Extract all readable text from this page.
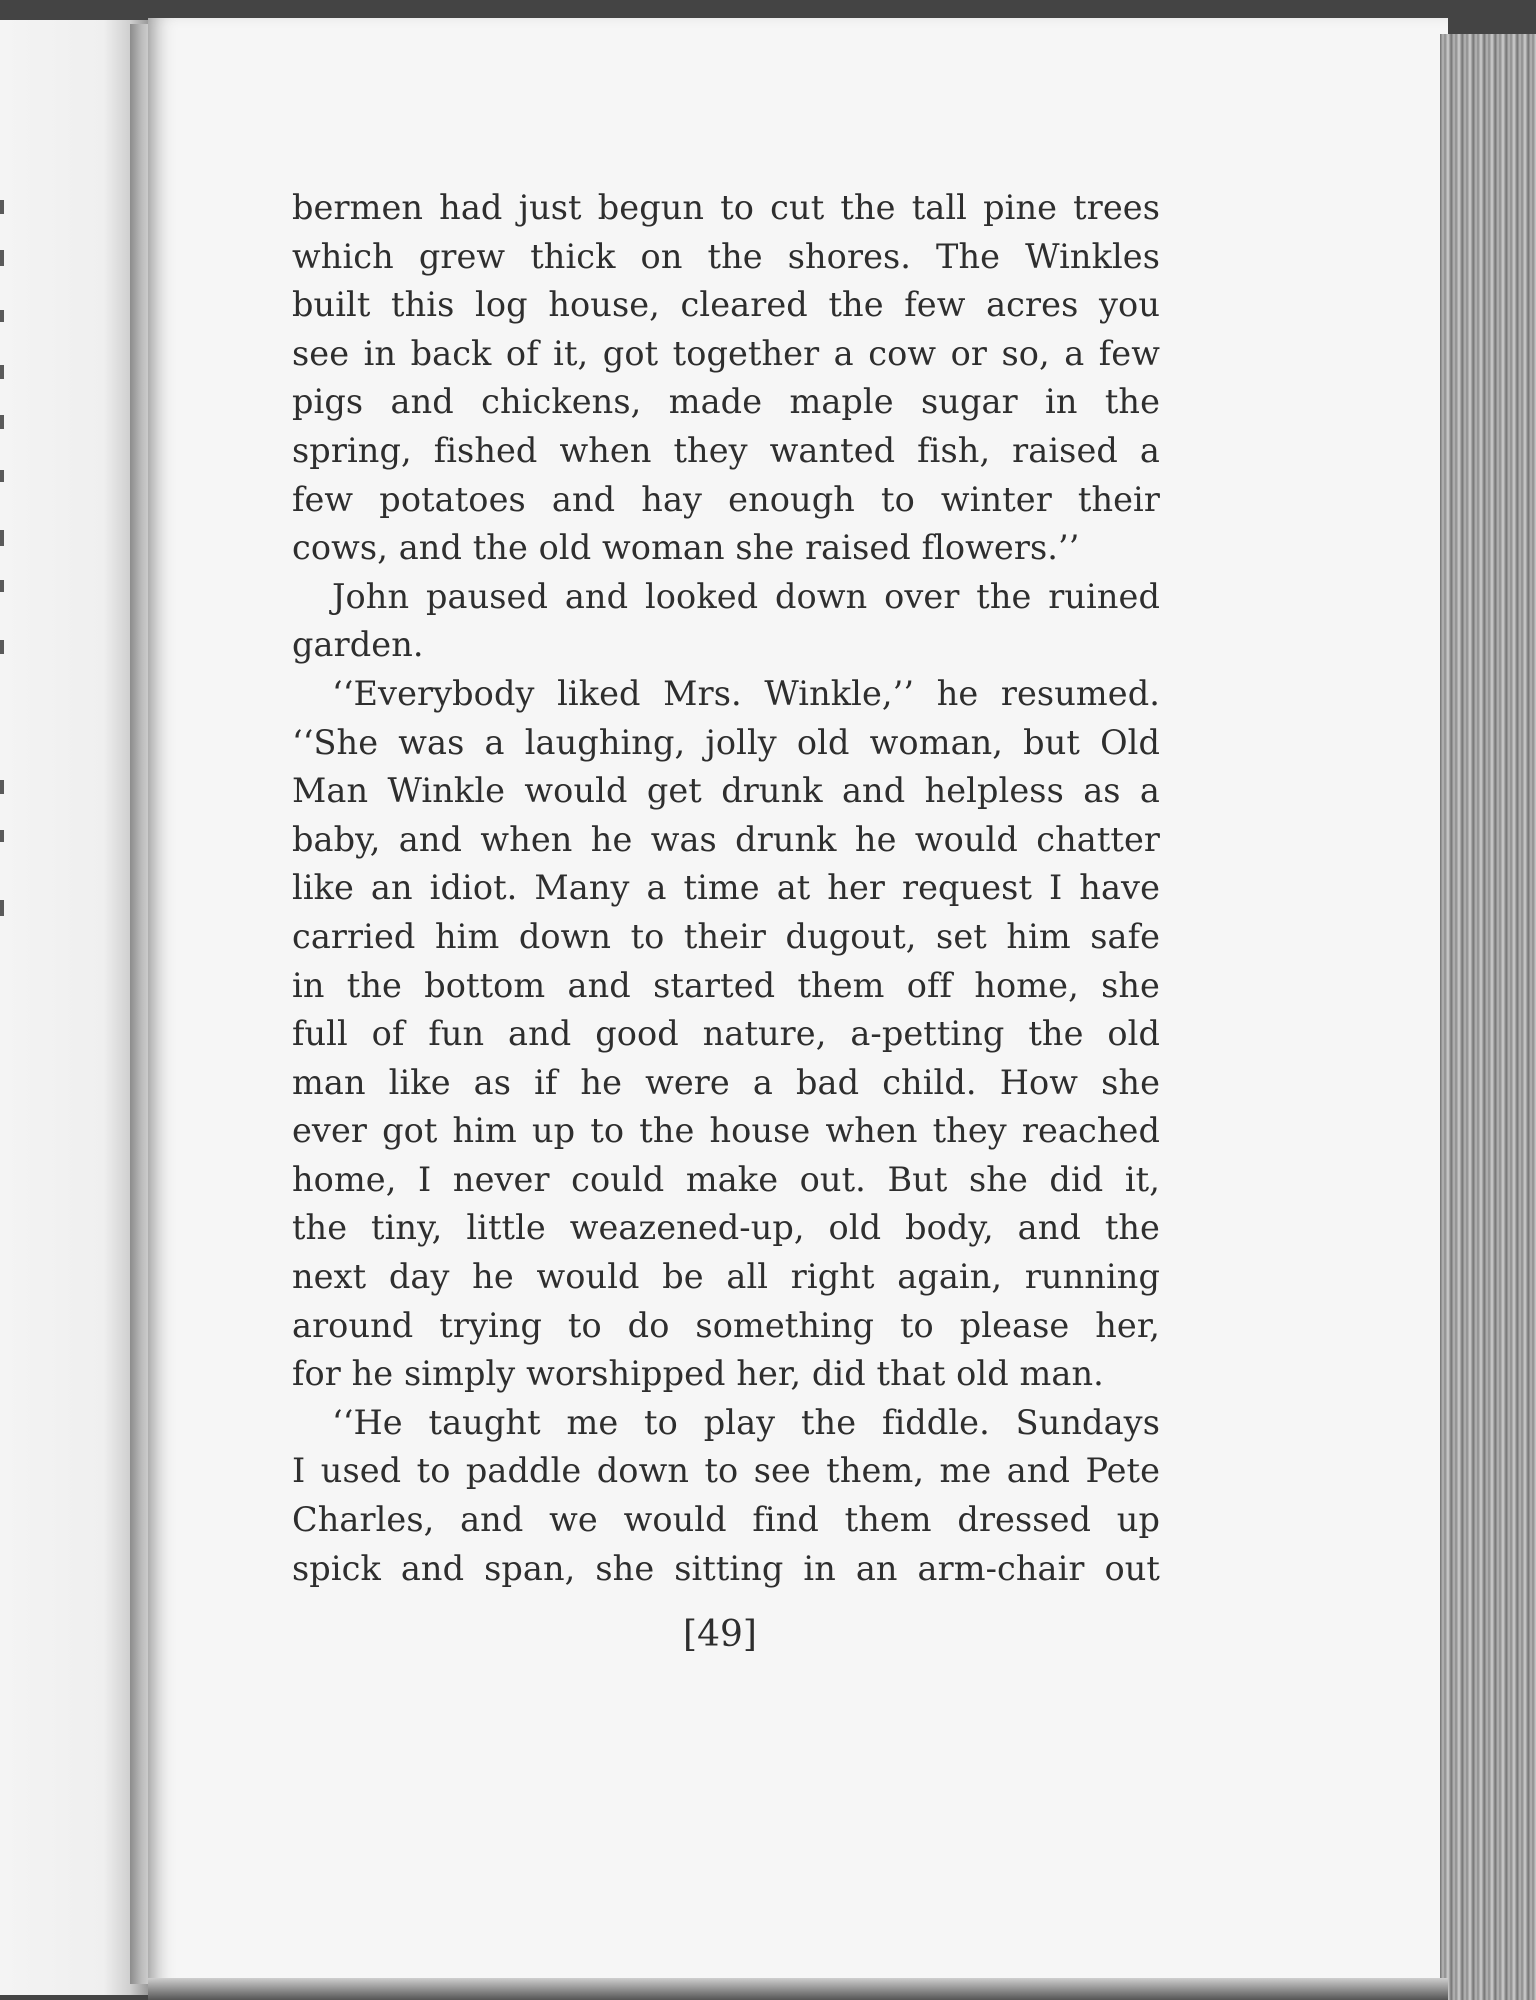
bermen had just begun to cut the tall pine trees
which grew thick on the shores. The Winkles
built this log house, cleared the few acres you
see in back of it, got together a cow or so, a few
pigs and chickens, made maple sugar in the
spring, fished when they wanted fish, raised a
few potatoes and hay enough to winter their
cows, and the old woman she raised flowers.’’
John paused and looked down over the ruined
garden.
‘‘Everybody liked Mrs. Winkle,’’ he resumed.
‘‘She was a laughing, jolly old woman, but Old
Man Winkle would get drunk and helpless as a
baby, and when he was drunk he would chatter
like an idiot. Many a time at her request I have
carried him down to their dugout, set him safe
in the bottom and started them off home, she
full of fun and good nature, a-petting the old
man like as if he were a bad child. How she
ever got him up to the house when they reached
home, I never could make out. But she did it,
the tiny, little weazened-up, old body, and the
next day he would be all right again, running
around trying to do something to please her,
for he simply worshipped her, did that old man.
‘‘He taught me to play the fiddle. Sundays
I used to paddle down to see them, me and Pete
Charles, and we would find them dressed up
spick and span, she sitting in an arm-chair out
[49]
